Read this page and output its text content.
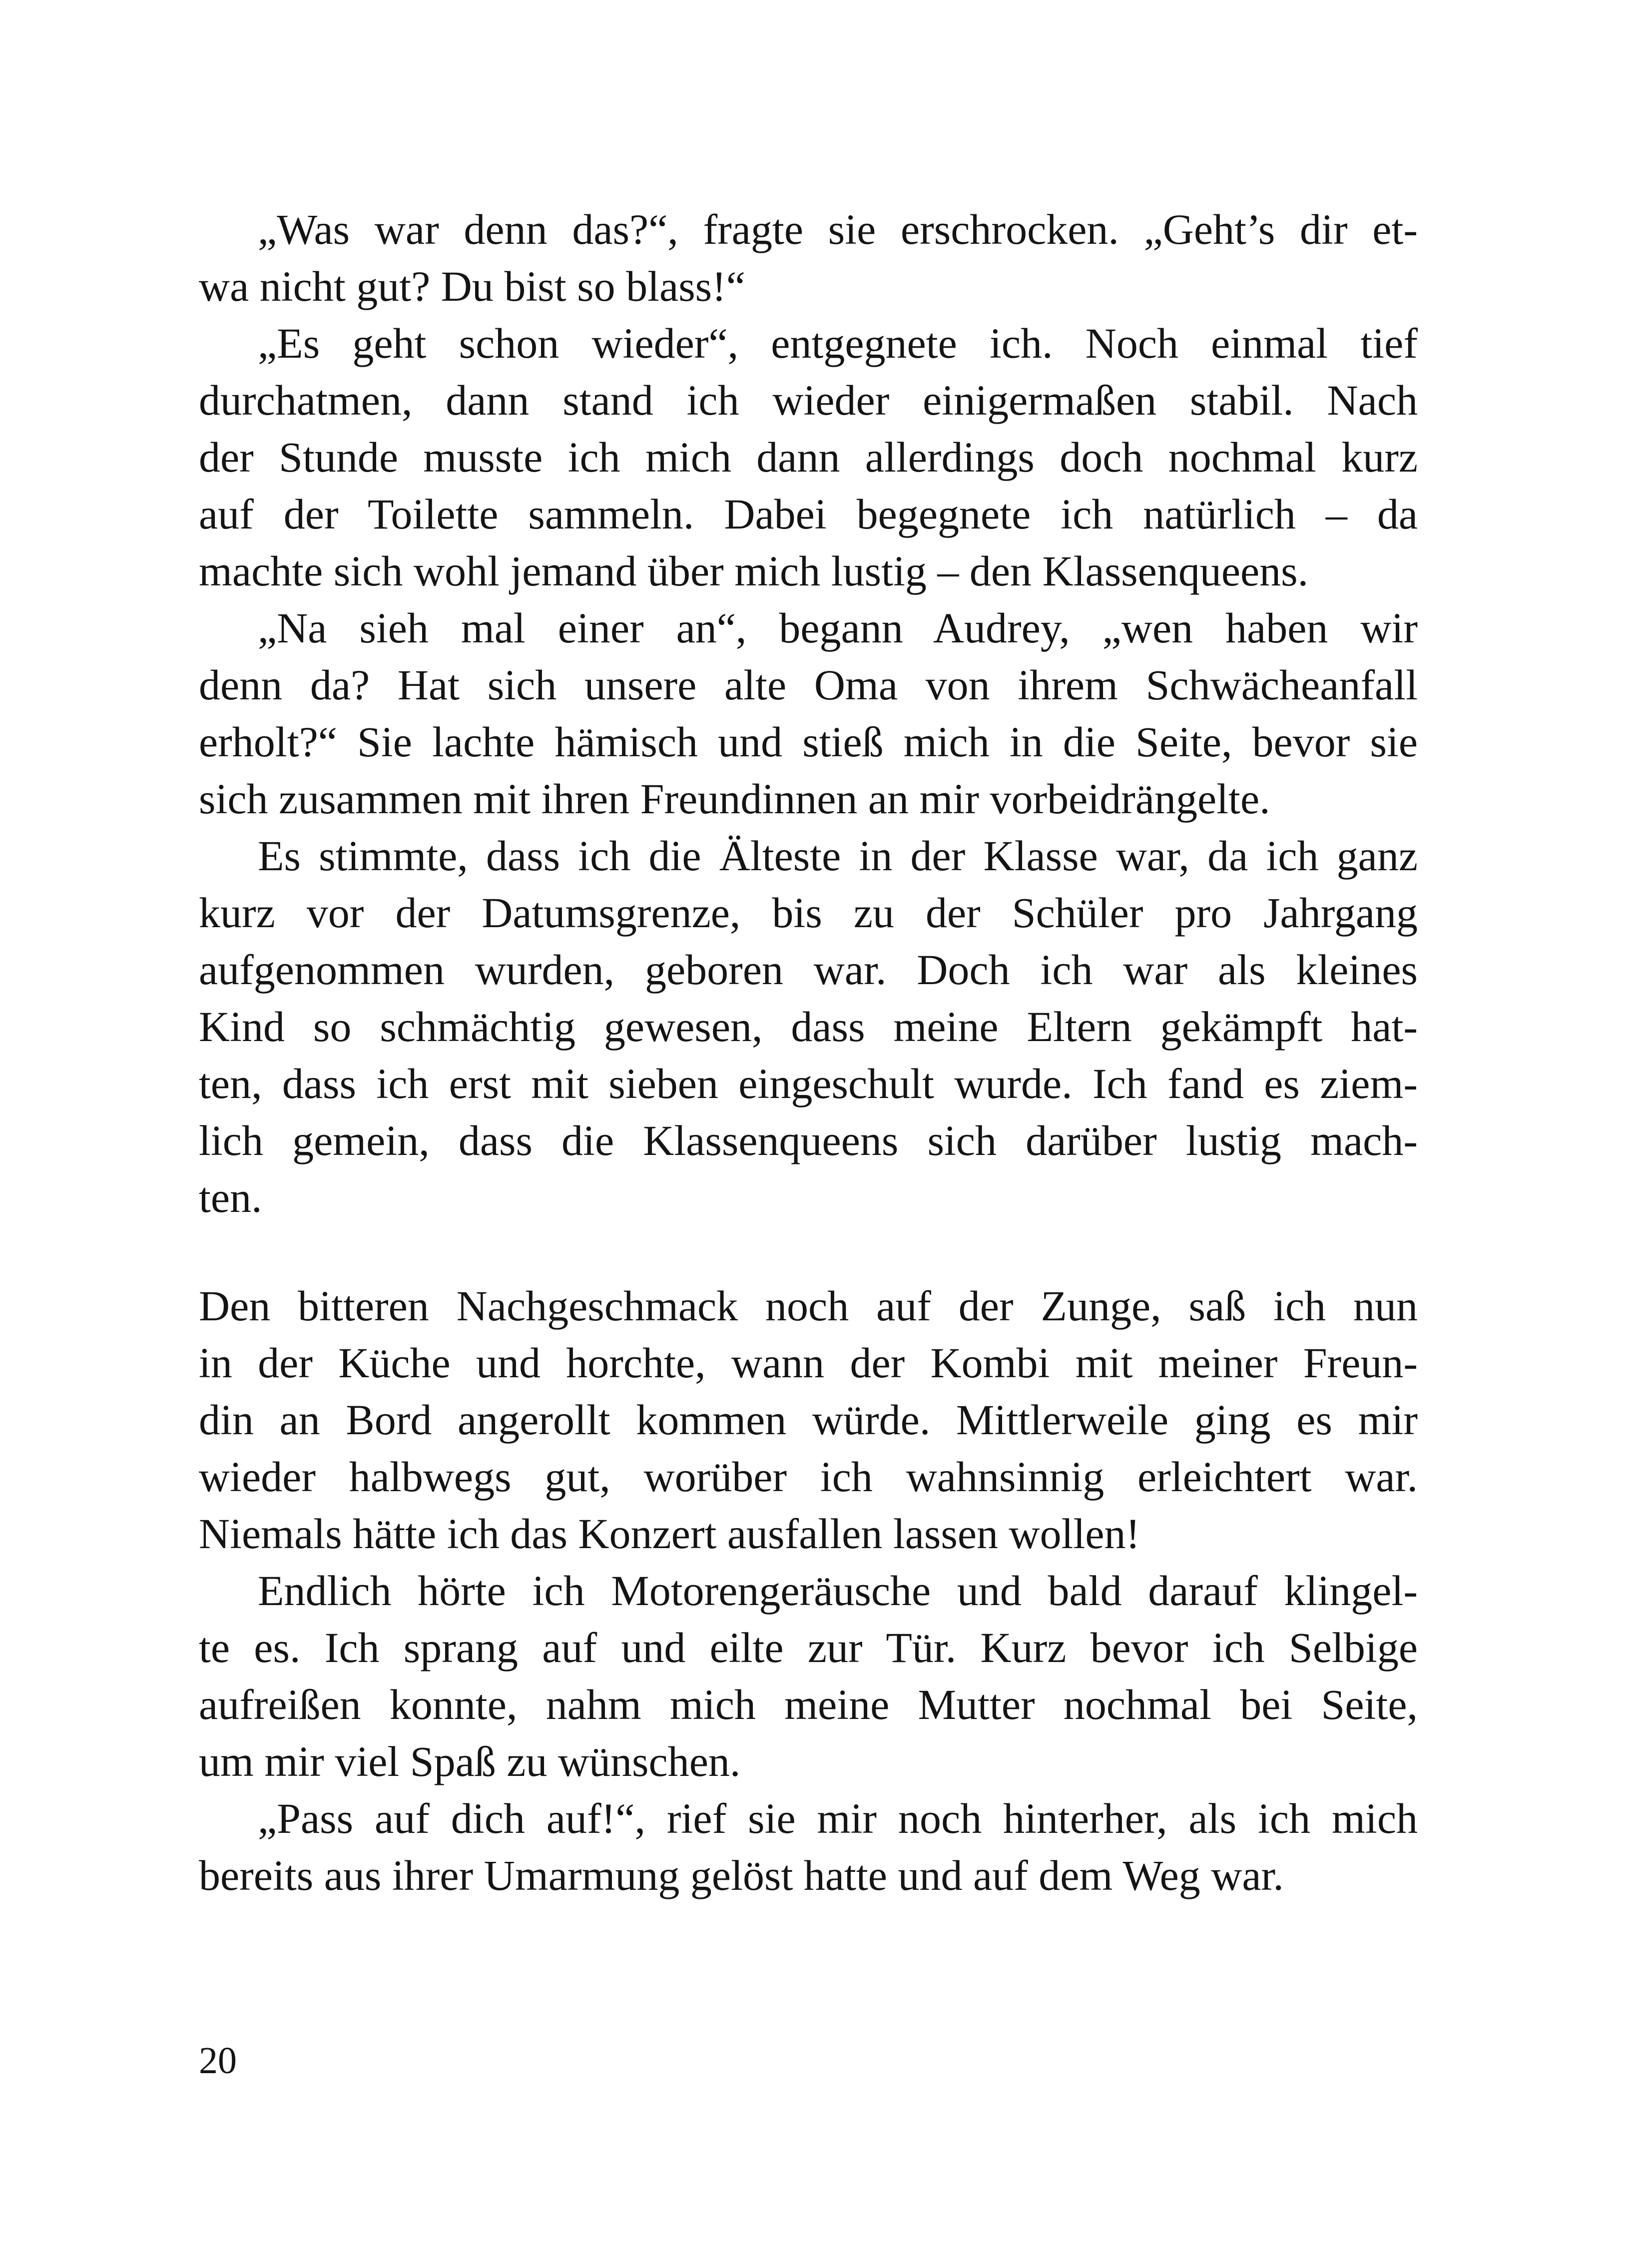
„Was war denn das?“, fragte sie erschrocken. „Geht’s dir et-
wa nicht gut? Du bist so blass!“
„Es geht schon wieder“, entgegnete ich. Noch einmal tief
durchatmen, dann stand ich wieder einigermaßen stabil. Nach
der Stunde musste ich mich dann allerdings doch nochmal kurz
auf der Toilette sammeln. Dabei begegnete ich natürlich – da
machte sich wohl jemand über mich lustig – den Klassenqueens.
„Na sieh mal einer an“, begann Audrey, „wen haben wir
denn da? Hat sich unsere alte Oma von ihrem Schwächeanfall
erholt?“ Sie lachte hämisch und stieß mich in die Seite, bevor sie
sich zusammen mit ihren Freundinnen an mir vorbeidrängelte.
Es stimmte, dass ich die Älteste in der Klasse war, da ich ganz
kurz vor der Datumsgrenze, bis zu der Schüler pro Jahrgang
aufgenommen wurden, geboren war. Doch ich war als kleines
Kind so schmächtig gewesen, dass meine Eltern gekämpft hat-
ten, dass ich erst mit sieben eingeschult wurde. Ich fand es ziem-
lich gemein, dass die Klassenqueens sich darüber lustig mach-
ten.
Den bitteren Nachgeschmack noch auf der Zunge, saß ich nun
in der Küche und horchte, wann der Kombi mit meiner Freun-
din an Bord angerollt kommen würde. Mittlerweile ging es mir
wieder halbwegs gut, worüber ich wahnsinnig erleichtert war.
Niemals hätte ich das Konzert ausfallen lassen wollen!
Endlich hörte ich Motorengeräusche und bald darauf klingel-
te es. Ich sprang auf und eilte zur Tür. Kurz bevor ich Selbige
aufreißen konnte, nahm mich meine Mutter nochmal bei Seite,
um mir viel Spaß zu wünschen.
„Pass auf dich auf!“, rief sie mir noch hinterher, als ich mich
bereits aus ihrer Umarmung gelöst hatte und auf dem Weg war.
20
